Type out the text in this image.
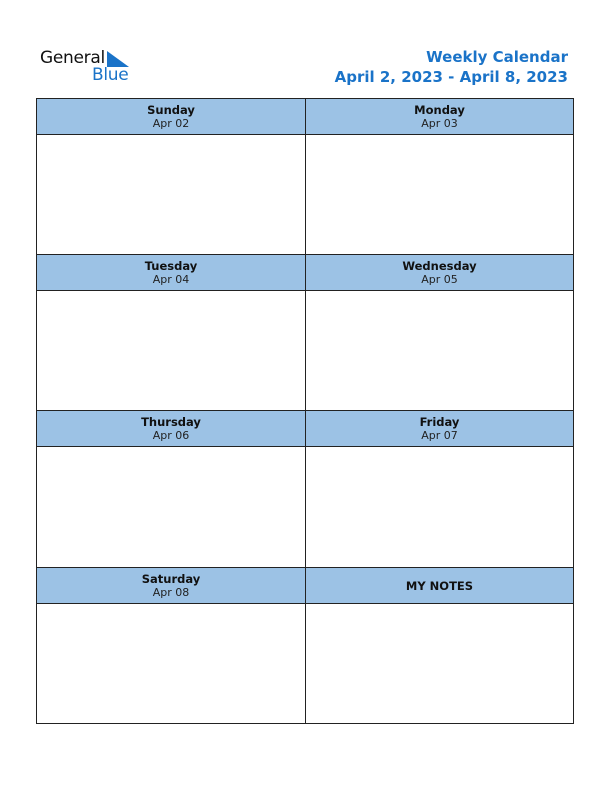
General
Blue
Weekly Calendar
April 2, 2023 - April 8, 2023
Sunday
Apr 02
Monday
Apr 03
Tuesday
Apr 04
Wednesday
Apr 05
Thursday
Apr 06
Friday
Apr 07
Saturday
Apr 08	MY NOTES
